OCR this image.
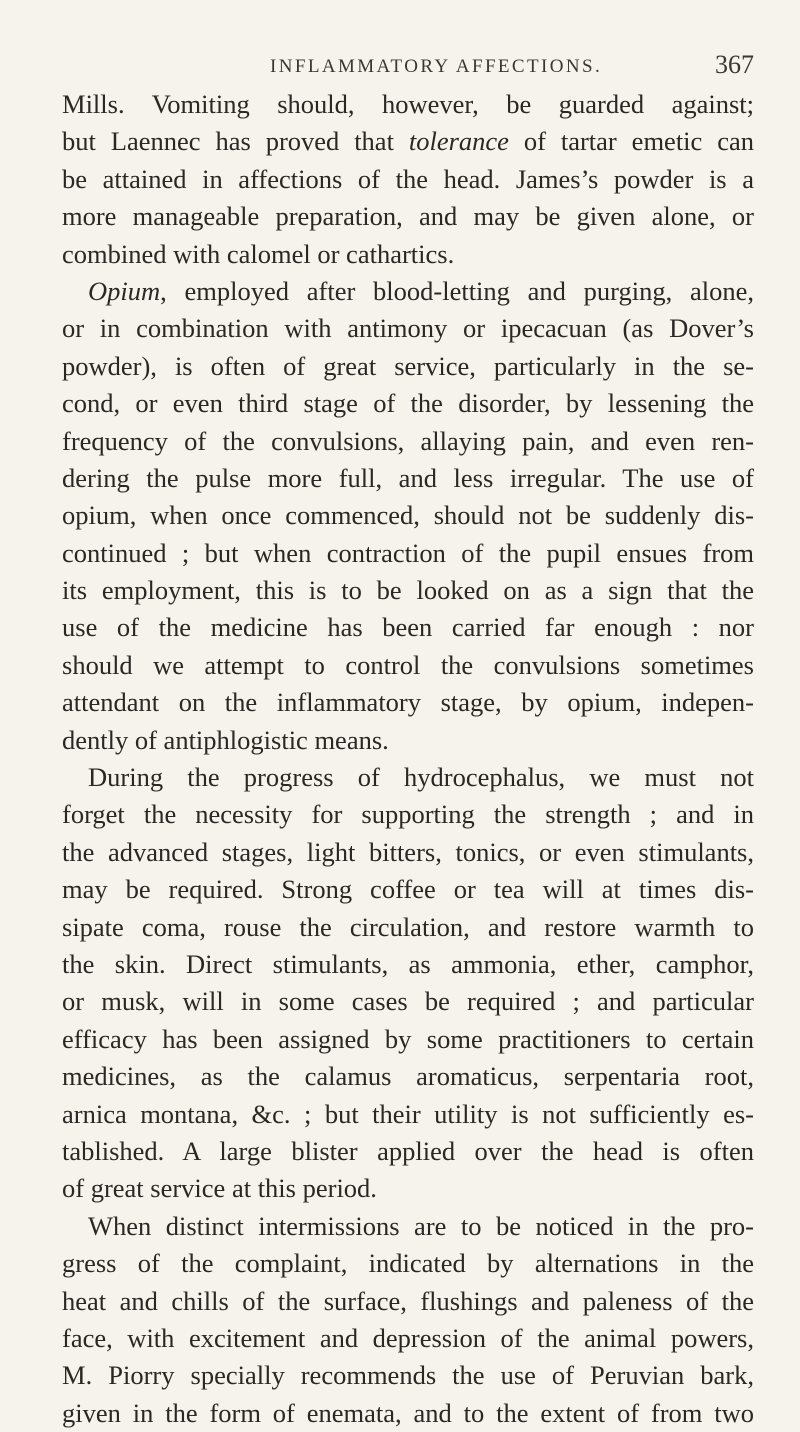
INFLAMMATORY AFFECTIONS.	367
Mills. Vomiting should, however, be guarded against;
but Laennec has proved that tolerance of tartar emetic can
be attained in affections of the head. James’s powder is a
more manageable preparation, and may be given alone, or
combined with calomel or cathartics.
Opium, employed after blood-letting and purging, alone,
or in combination with antimony or ipecacuan (as Dover’s
powder), is often of great service, particularly in the se-
cond, or even third stage of the disorder, by lessening the
frequency of the convulsions, allaying pain, and even ren-
dering the pulse more full, and less irregular. The use of
opium, when once commenced, should not be suddenly dis-
continued ; but when contraction of the pupil ensues from
its employment, this is to be looked on as a sign that the
use of the medicine has been carried far enough : nor
should we attempt to control the convulsions sometimes
attendant on the inflammatory stage, by opium, indepen-
dently of antiphlogistic means.
During the progress of hydrocephalus, we must not
forget the necessity for supporting the strength ; and in
the advanced stages, light bitters, tonics, or even stimulants,
may be required. Strong coffee or tea will at times dis-
sipate coma, rouse the circulation, and restore warmth to
the skin. Direct stimulants, as ammonia, ether, camphor,
or musk, will in some cases be required ; and particular
efficacy has been assigned by some practitioners to certain
medicines, as the calamus aromaticus, serpentaria root,
arnica montana, &c. ; but their utility is not sufficiently es-
tablished. A large blister applied over the head is often
of great service at this period.
When distinct intermissions are to be noticed in the pro-
gress of the complaint, indicated by alternations in the
heat and chills of the surface, flushings and paleness of the
face, with excitement and depression of the animal powers,
M. Piorry specially recommends the use of Peruvian bark,
given in the form of enemata, and to the extent of from two
